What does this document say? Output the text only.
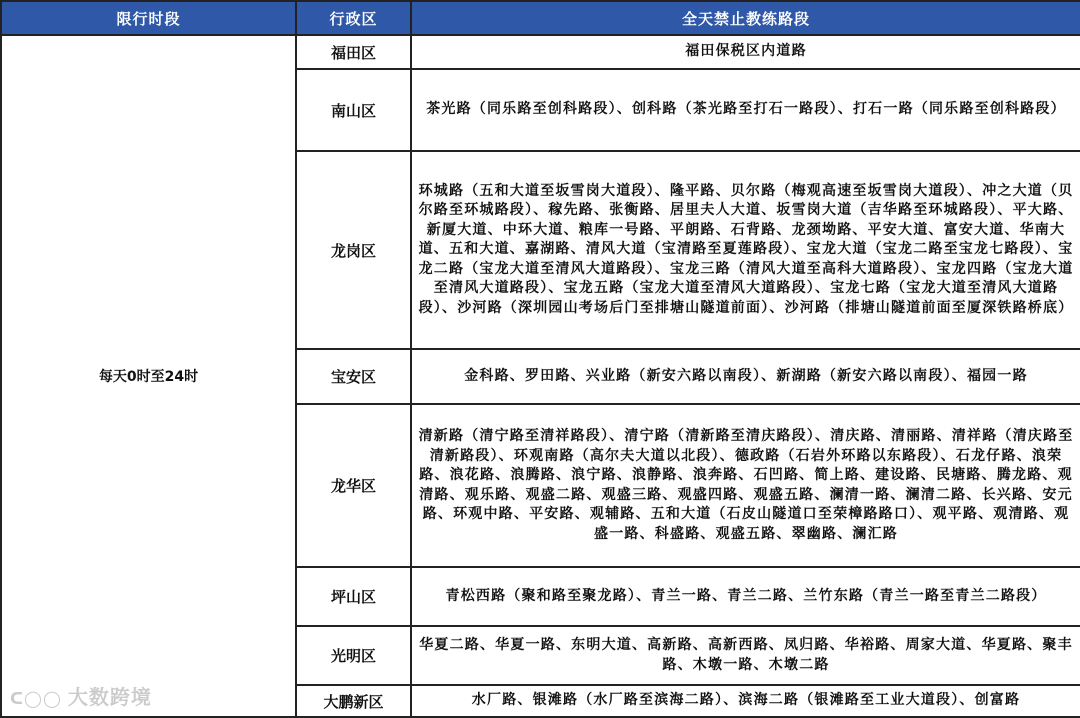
限行时段	行政区	全天禁止教练路段
每天0时至24时	福田区	福田保税区内道路
	南山区	茶光路（同乐路至创科路段）、创科路（茶光路至打石一路段）、打石一路（同乐路至创科路段）
	龙岗区	环城路（五和大道至坂雪岗大道段）、隆平路、贝尔路（梅观高速至坂雪岗大道段）、冲之大道（贝尔路至环城路段）、稼先路、张衡路、居里夫人大道、坂雪岗大道（吉华路至环城路段）、平大路、新厦大道、中环大道、粮库一号路、平朗路、石背路、龙颈坳路、平安大道、富安大道、华南大道、五和大道、嘉湖路、清风大道（宝清路至夏莲路段）、宝龙大道（宝龙二路至宝龙七路段）、宝龙二路（宝龙大道至清风大道路段）、宝龙三路（清风大道至高科大道路段）、宝龙四路（宝龙大道至清风大道路段）、宝龙五路（宝龙大道至清风大道路段）、宝龙七路（宝龙大道至清风大道路段）、沙河路（深圳园山考场后门至排塘山隧道前面）、沙河路（排塘山隧道前面至厦深铁路桥底）
	宝安区	金科路、罗田路、兴业路（新安六路以南段）、新湖路（新安六路以南段）、福园一路
	龙华区	清新路（清宁路至清祥路段）、清宁路（清新路至清庆路段）、清庆路、清丽路、清祥路（清庆路至清新路段）、环观南路（高尔夫大道以北段）、德政路（石岩外环路以东路段）、石龙仔路、浪荣路、浪花路、浪腾路、浪宁路、浪静路、浪奔路、石凹路、简上路、建设路、民塘路、腾龙路、观清路、观乐路、观盛二路、观盛三路、观盛四路、观盛五路、澜清一路、澜清二路、长兴路、安元路、环观中路、平安路、观辅路、五和大道（石皮山隧道口至荣樟路路口）、观平路、观清路、观盛一路、科盛路、观盛五路、翠幽路、澜汇路
	坪山区	青松西路（聚和路至聚龙路）、青兰一路、青兰二路、兰竹东路（青兰一路至青兰二路段）
	光明区	华夏二路、华夏一路、东明大道、高新路、高新西路、凤归路、华裕路、周家大道、华夏路、聚丰路、木墩一路、木墩二路
	大鹏新区	水厂路、银滩路（水厂路至滨海二路）、滨海二路（银滩路至工业大道段）、创富路
ᑕ◯◯ 大数跨境
